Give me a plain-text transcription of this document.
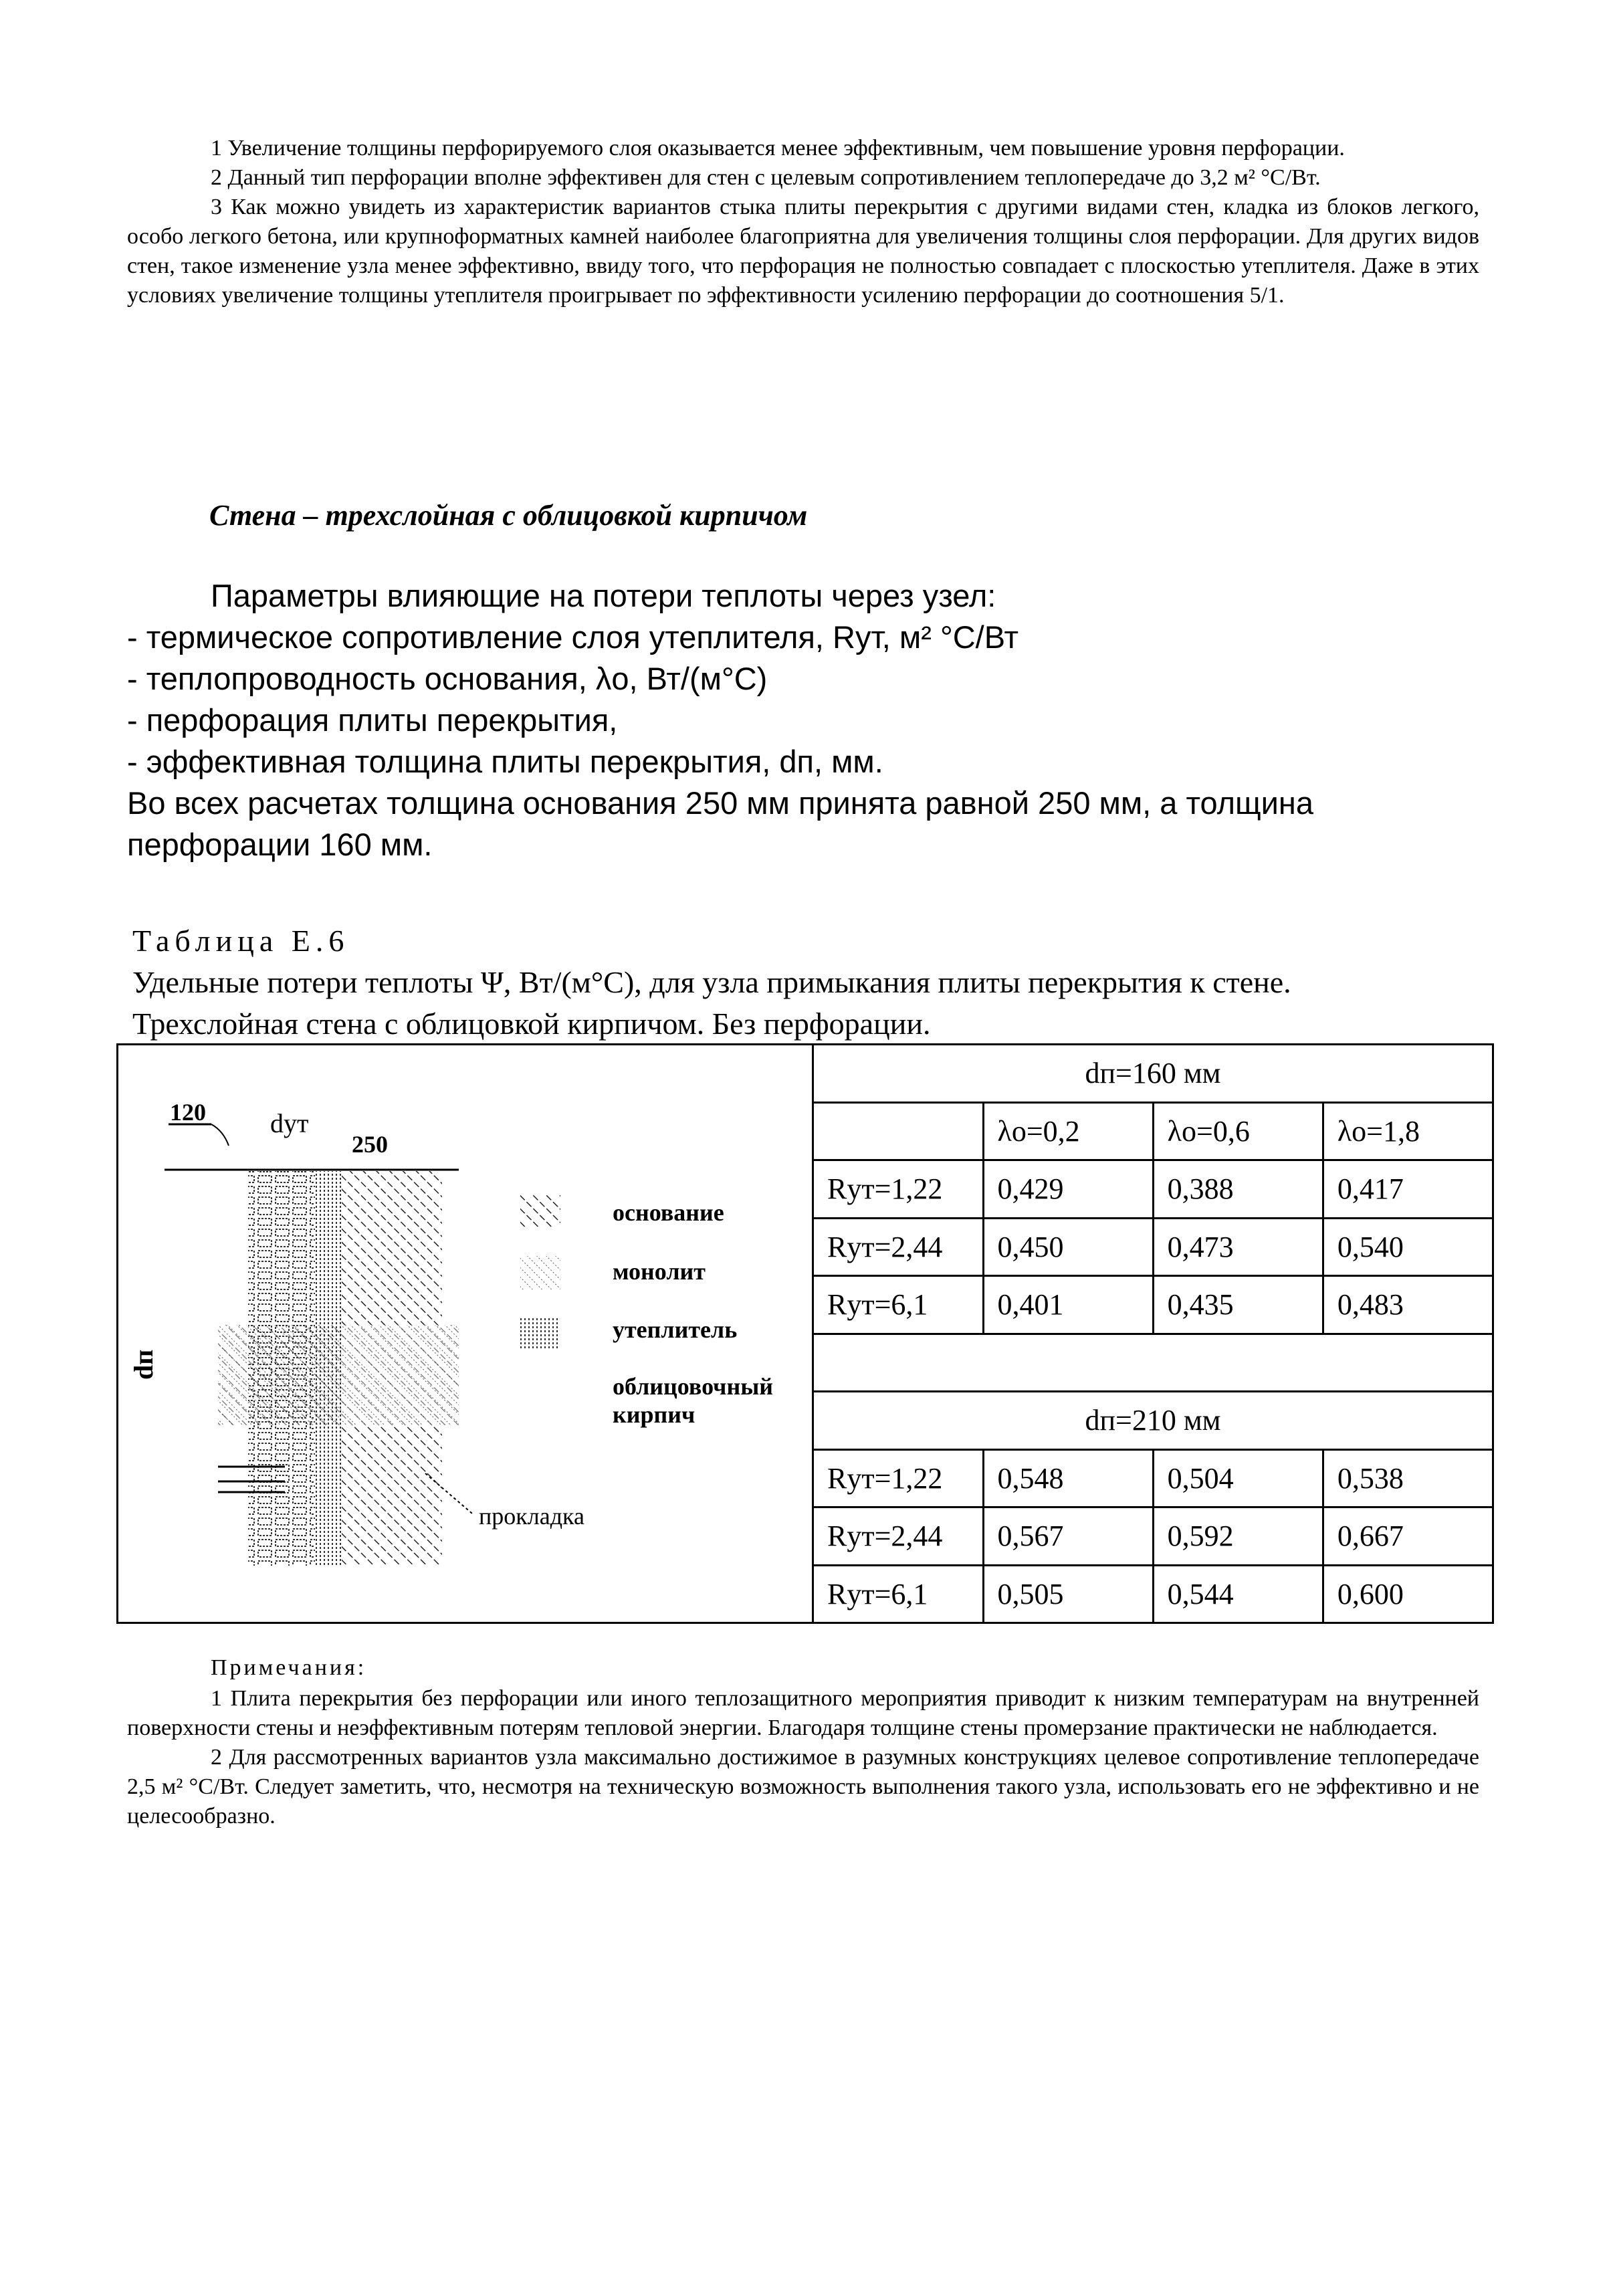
1 Увеличение толщины перфорируемого слоя оказывается менее эффективным, чем повышение уровня перфорации.

2 Данный тип перфорации вполне эффективен для стен с целевым сопротивлением теплопередаче до 3,2 м² °С/Вт.

3 Как можно увидеть из характеристик вариантов стыка плиты перекрытия с другими видами стен, кладка из блоков легкого, особо легкого бетона, или крупноформатных камней наиболее благоприятна для увеличения толщины слоя перфорации. Для других видов стен, такое изменение узла менее эффективно, ввиду того, что перфорация не полностью совпадает с плоскостью утеплителя. Даже в этих условиях увеличение толщины утеплителя проигрывает по эффективности усилению перфорации до соотношения 5/1.

Стена – трехслойная с облицовкой кирпичом

Параметры влияющие на потери теплоты через узел:

- термическое сопротивление слоя утеплителя, Rут, м² °С/Вт

- теплопроводность основания, λо, Вт/(м°С)

- перфорация плиты перекрытия,

- эффективная толщина плиты перекрытия, dп, мм.

Во всех расчетах толщина основания 250 мм принята равной 250 мм, а толщина перфорации 160 мм.

Таблица Е.6

Удельные потери теплоты Ψ, Вт/(м°С), для узла примыкания плиты перекрытия к стене.

Трехслойная стена с облицовкой кирпичом. Без перфорации.

120 dут
250
dп
прокладка
основание
монолит
утеплитель
облицовочный
кирпич
dп=160 мм			
	λо=0,2	λо=0,6	λо=1,8
Rут=1,22	0,429	0,388	0,417
Rут=2,44	0,450	0,473	0,540
Rут=6,1	0,401	0,435	0,483

dп=210 мм			
Rут=1,22	0,548	0,504	0,538
Rут=2,44	0,567	0,592	0,667
Rут=6,1	0,505	0,544	0,600
Примечания:

1 Плита перекрытия без перфорации или иного теплозащитного мероприятия приводит к низким температурам на внутренней поверхности стены и неэффективным потерям тепловой энергии. Благодаря толщине стены промерзание практически не наблюдается.

2 Для рассмотренных вариантов узла максимально достижимое в разумных конструкциях целевое сопротивление теплопередаче 2,5 м² °С/Вт. Следует заметить, что, несмотря на техническую возможность выполнения такого узла, использовать его не эффективно и не целесообразно.
